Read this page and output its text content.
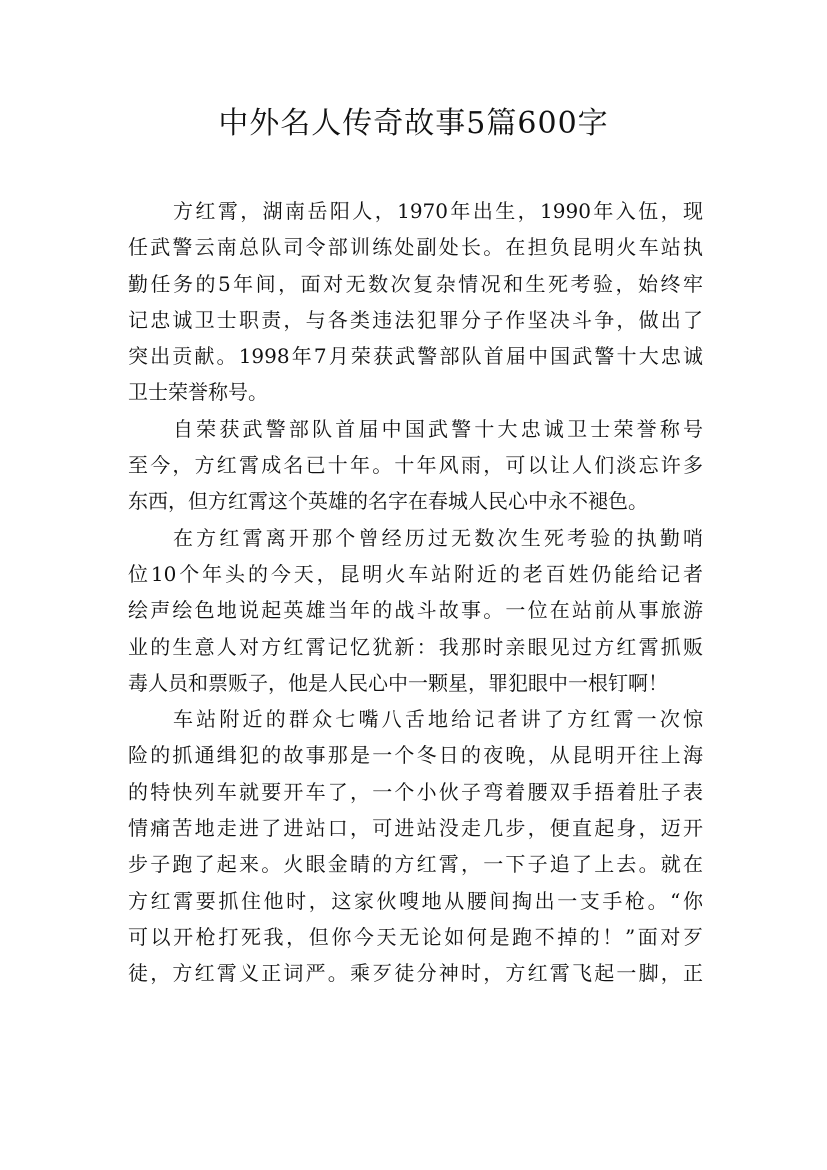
中外名人传奇故事5篇600字

方红霄，湖南岳阳人，1970年出生，1990年入伍，现
任武警云南总队司令部训练处副处长。在担负昆明火车站执
勤任务的5年间，面对无数次复杂情况和生死考验，始终牢
记忠诚卫士职责，与各类违法犯罪分子作坚决斗争，做出了
突出贡献。1998年7月荣获武警部队首届中国武警十大忠诚
卫士荣誉称号。

自荣获武警部队首届中国武警十大忠诚卫士荣誉称号
至今，方红霄成名已十年。十年风雨，可以让人们淡忘许多
东西，但方红霄这个英雄的名字在春城人民心中永不褪色。

在方红霄离开那个曾经历过无数次生死考验的执勤哨
位10个年头的今天，昆明火车站附近的老百姓仍能给记者
绘声绘色地说起英雄当年的战斗故事。一位在站前从事旅游
业的生意人对方红霄记忆犹新：我那时亲眼见过方红霄抓贩
毒人员和票贩子，他是人民心中一颗星，罪犯眼中一根钉啊！

车站附近的群众七嘴八舌地给记者讲了方红霄一次惊
险的抓通缉犯的故事那是一个冬日的夜晚，从昆明开往上海
的特快列车就要开车了，一个小伙子弯着腰双手捂着肚子表
情痛苦地走进了进站口，可进站没走几步，便直起身，迈开
步子跑了起来。火眼金睛的方红霄，一下子追了上去。就在
方红霄要抓住他时，这家伙嗖地从腰间掏出一支手枪。“你
可以开枪打死我，但你今天无论如何是跑不掉的！”面对歹
徒，方红霄义正词严。乘歹徒分神时，方红霄飞起一脚，正
